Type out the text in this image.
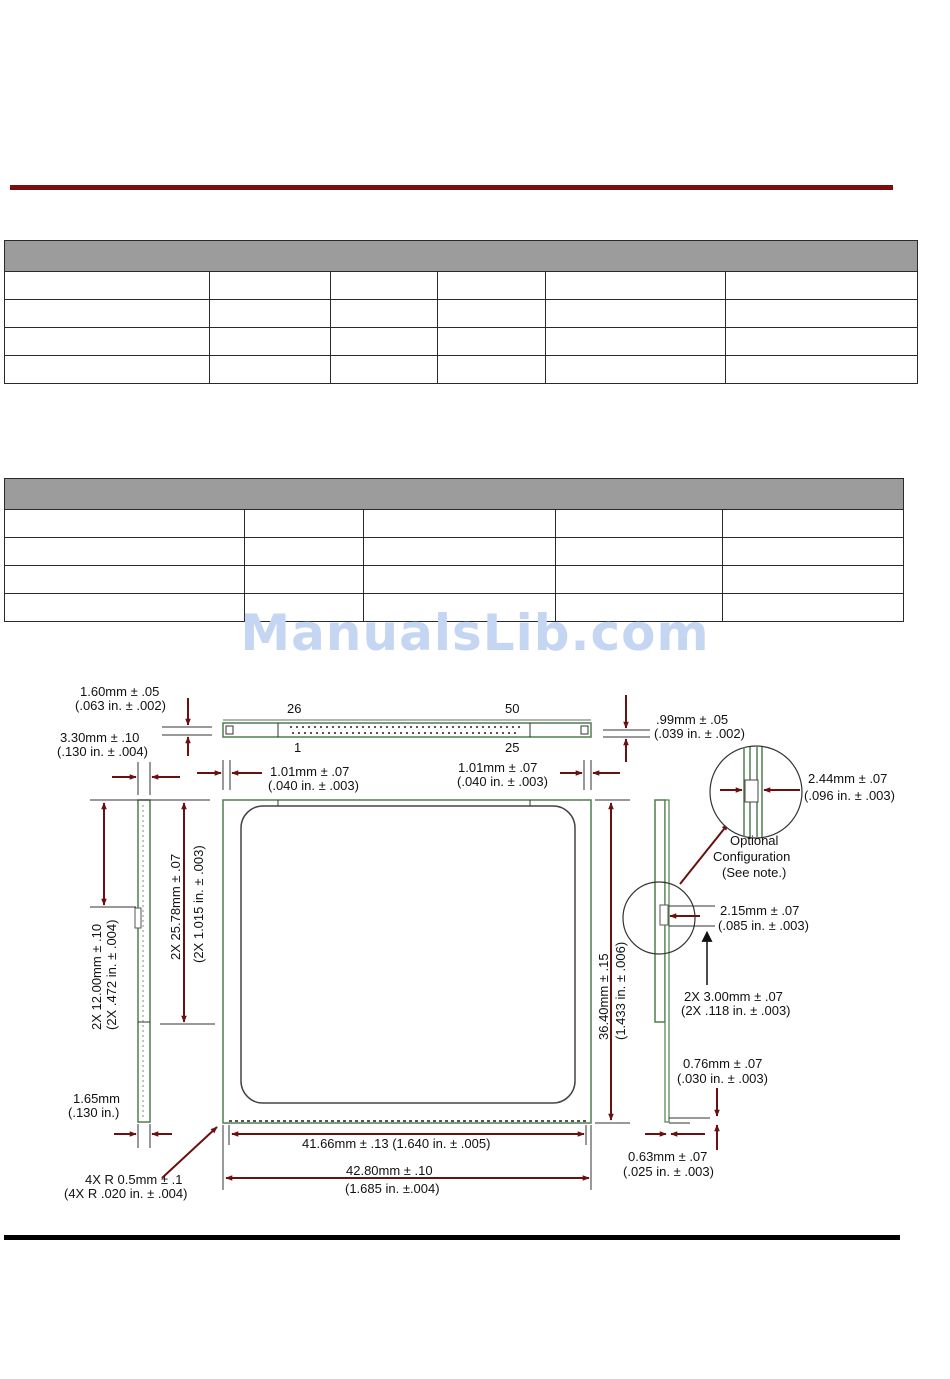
ManualsLib.com
26	50
1	25
1.60mm ± .05
(.063 in. ± .002)
.99mm ± .05
(.039 in. ± .002)
1.01mm ± .07
(.040 in. ± .003)
1.01mm ± .07
(.040 in. ± .003)
3.30mm ± .10
(.130 in. ± .004)
2X 12.00mm ± .10 (2X .472 in. ± .004)
2X 25.78mm ± .07 (2X 1.015 in. ± .003)
1.65mm
(.130 in.)
4X R 0.5mm ± .1
(4X R .020 in. ± .004)
41.66mm ± .13 (1.640 in. ± .005)
42.80mm ± .10
(1.685 in. ±.004)
36.40mm ± .15 (1.433 in. ± .006)
2.44mm ± .07
(.096 in. ± .003)
Optional
Configuration
(See note.)
2.15mm ± .07
(.085 in. ± .003)
2X 3.00mm ± .07
(2X .118 in. ± .003)
0.76mm ± .07
(.030 in. ± .003)
0.63mm ± .07
(.025 in. ± .003)
